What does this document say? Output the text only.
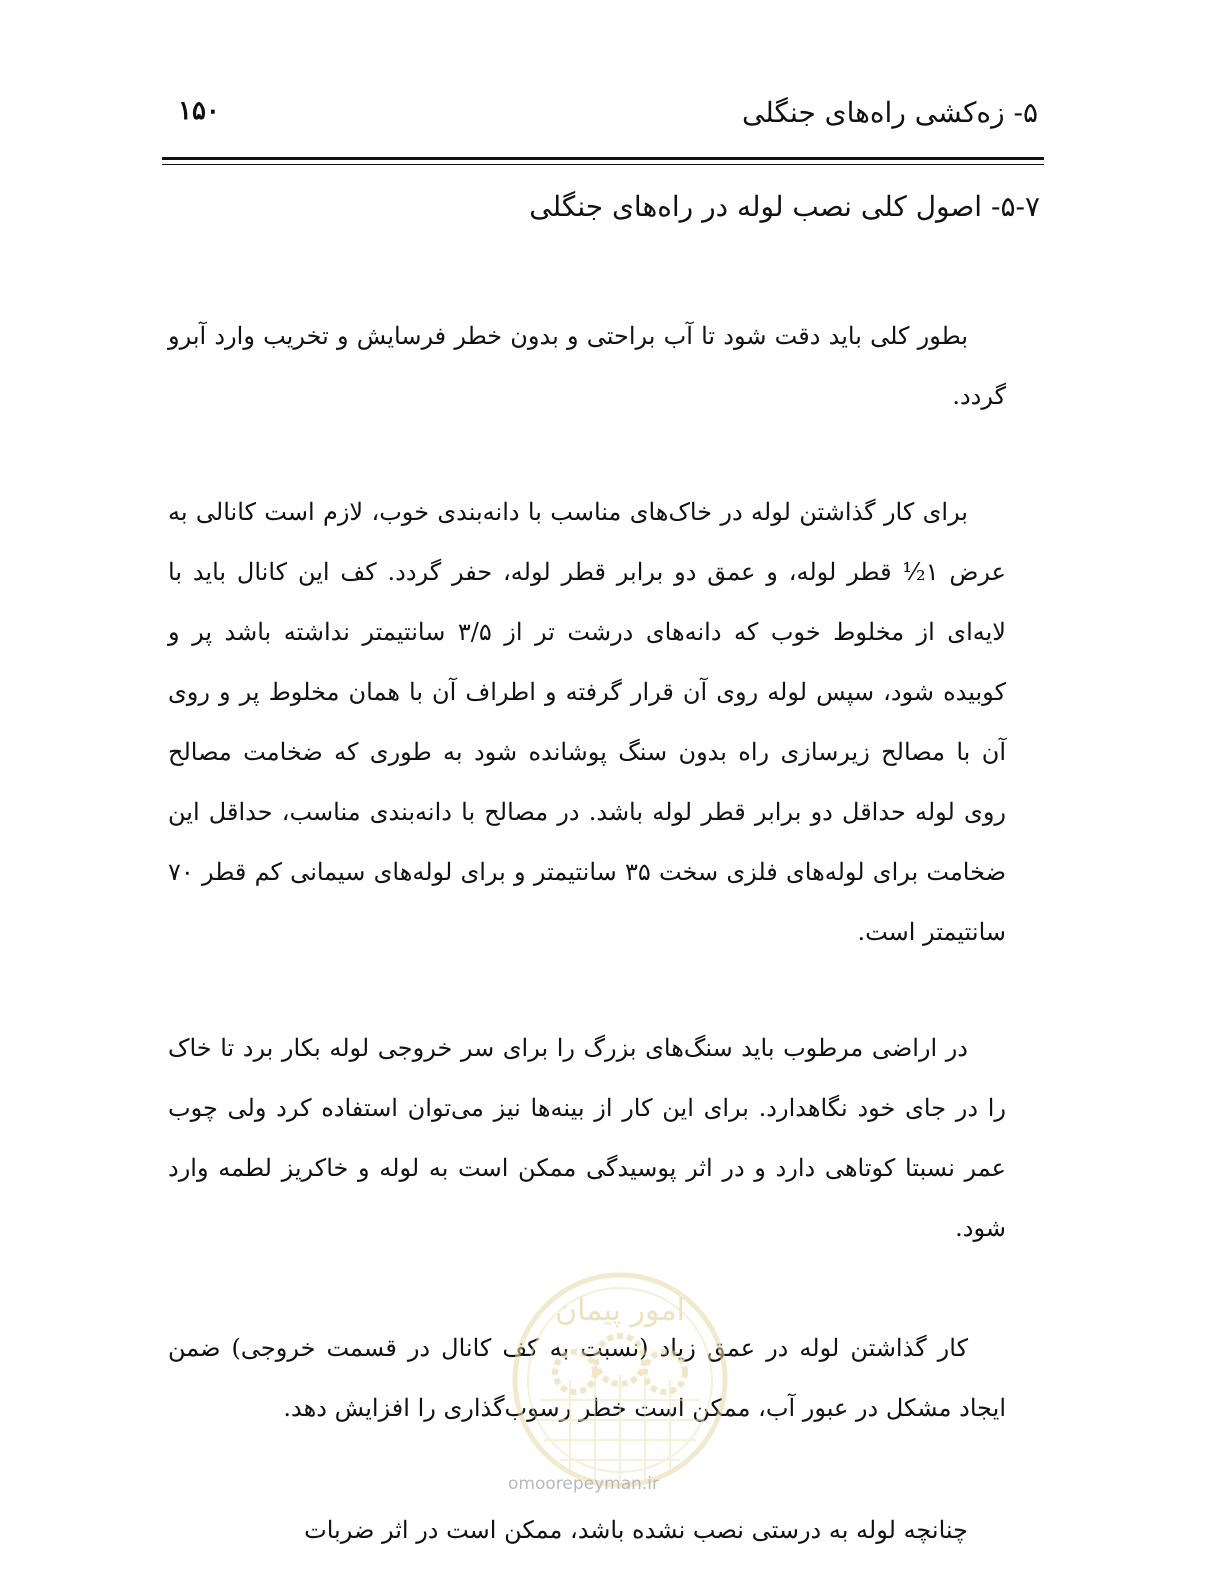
۱۵۰	۵- زه‌کشی راه‌های جنگلی
۵-۷- اصول کلی نصب لوله در راه‌های جنگلی

بطور کلی باید دقت شود تا آب براحتی و بدون خطر فرسایش و تخریب وارد آبرو گردد.

برای کار گذاشتن لوله در خاک‌های مناسب با دانه‌بندی خوب، لازم است کانالی به عرض ۱½ قطر لوله، و عمق دو برابر قطر لوله، حفر گردد. کف این کانال باید با لایه‌ای از مخلوط خوب که دانه‌های درشت تر از ۳/۵ سانتیمتر نداشته باشد پر و کوبیده شود، سپس لوله روی آن قرار گرفته و اطراف آن با همان مخلوط پر و روی آن با مصالح زیرسازی راه بدون سنگ پوشانده شود به طوری که ضخامت مصالح روی لوله حداقل دو برابر قطر لوله باشد. در مصالح با دانه‌بندی مناسب، حداقل این ضخامت برای لوله‌های فلزی سخت ۳۵ سانتیمتر و برای لوله‌های سیمانی کم قطر ۷۰ سانتیمتر است.

در اراضی مرطوب باید سنگ‌های بزرگ را برای سر خروجی لوله بکار برد تا خاک را در جای خود نگاهدارد. برای این کار از بینه‌ها نیز می‌توان استفاده کرد ولی چوب عمر نسبتا کوتاهی دارد و در اثر پوسیدگی ممکن است به لوله و خاکریز لطمه وارد شود.

کار گذاشتن لوله در عمق زیاد (نسبت به کف کانال در قسمت خروجی) ضمن ایجاد مشکل در عبور آب، ممکن است خطر رسوب‌گذاری را افزایش دهد.

چنانچه لوله به درستی نصب نشده باشد، ممکن است در اثر ضربات

امور پیمان
omoorepeyman.ir
